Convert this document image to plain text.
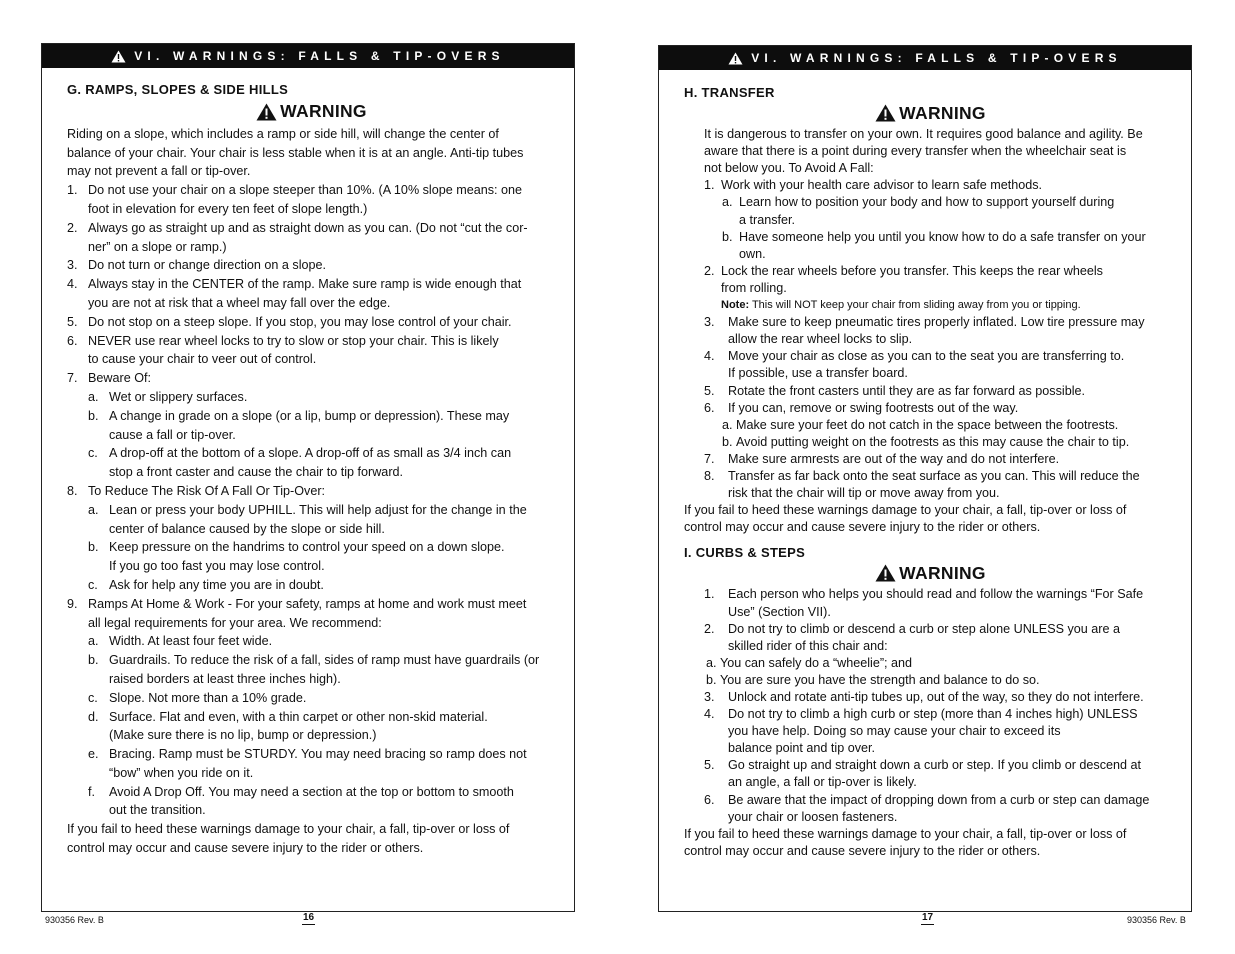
VI. WARNINGS: FALLS & TIP-OVERS

G. RAMPS, SLOPES & SIDE HILLS

WARNING
Riding on a slope, which includes a ramp or side hill, will change the center of
balance of your chair. Your chair is less stable when it is at an angle. Anti-tip tubes
may not prevent a fall or tip-over.
1. Do not use your chair on a slope steeper than 10%. (A 10% slope means: one
foot in elevation for every ten feet of slope length.)
2. Always go as straight up and as straight down as you can. (Do not “cut the cor-
ner” on a slope or ramp.)
3. Do not turn or change direction on a slope.
4. Always stay in the CENTER of the ramp. Make sure ramp is wide enough that
you are not at risk that a wheel may fall over the edge.
5. Do not stop on a steep slope. If you stop, you may lose control of your chair.
6. NEVER use rear wheel locks to try to slow or stop your chair. This is likely
to cause your chair to veer out of control.
7. Beware Of:
a. Wet or slippery surfaces.
b. A change in grade on a slope (or a lip, bump or depression). These may
cause a fall or tip-over.
c. A drop-off at the bottom of a slope. A drop-off of as small as 3/4 inch can
stop a front caster and cause the chair to tip forward.
8. To Reduce The Risk Of A Fall Or Tip-Over:
a. Lean or press your body UPHILL. This will help adjust for the change in the
center of balance caused by the slope or side hill.
b. Keep pressure on the handrims to control your speed on a down slope.
If you go too fast you may lose control.
c. Ask for help any time you are in doubt.
9. Ramps At Home & Work - For your safety, ramps at home and work must meet
all legal requirements for your area. We recommend:
a. Width. At least four feet wide.
b. Guardrails. To reduce the risk of a fall, sides of ramp must have guardrails (or
raised borders at least three inches high).
c. Slope. Not more than a 10% grade.
d. Surface. Flat and even, with a thin carpet or other non-skid material.
(Make sure there is no lip, bump or depression.)
e. Bracing. Ramp must be STURDY. You may need bracing so ramp does not
“bow” when you ride on it.
f.	Avoid A Drop Off. You may need a section at the top or bottom to smooth
out the transition.
If you fail to heed these warnings damage to your chair, a fall, tip-over or loss of
control may occur and cause severe injury to the rider or others.
930356 Rev. B	16
VI. WARNINGS: FALLS & TIP-OVERS

H. TRANSFER

WARNING
It is dangerous to transfer on your own. It requires good balance and agility. Be
aware that there is a point during every transfer when the wheelchair seat is
not below you. To Avoid A Fall:
1. Work with your health care advisor to learn safe methods.
a. Learn how to position your body and how to support yourself during
a transfer.
b. Have someone help you until you know how to do a safe transfer on your
own.
2. Lock the rear wheels before you transfer. This keeps the rear wheels
from rolling.
Note: This will NOT keep your chair from sliding away from you or tipping.
3.	Make sure to keep pneumatic tires properly inflated. Low tire pressure may
allow the rear wheel locks to slip.
4.	Move your chair as close as you can to the seat you are transferring to.
If possible, use a transfer board.
5.	Rotate the front casters until they are as far forward as possible.
6.	If you can, remove or swing footrests out of the way.
a. Make sure your feet do not catch in the space between the footrests.
b. Avoid putting weight on the footrests as this may cause the chair to tip.
7.	Make sure armrests are out of the way and do not interfere.
8.	Transfer as far back onto the seat surface as you can. This will reduce the
risk that the chair will tip or move away from you.
If you fail to heed these warnings damage to your chair, a fall, tip-over or loss of
control may occur and cause severe injury to the rider or others.

I. CURBS & STEPS

WARNING
1.	Each person who helps you should read and follow the warnings “For Safe
Use” (Section VII).
2.	Do not try to climb or descend a curb or step alone UNLESS you are a
skilled rider of this chair and:
a. You can safely do a “wheelie”; and
b. You are sure you have the strength and balance to do so.
3.	Unlock and rotate anti-tip tubes up, out of the way, so they do not interfere.
4.	Do not try to climb a high curb or step (more than 4 inches high) UNLESS
you have help. Doing so may cause your chair to exceed its
balance point and tip over.
5.	Go straight up and straight down a curb or step. If you climb or descend at
an angle, a fall or tip-over is likely.
6.	Be aware that the impact of dropping down from a curb or step can damage
your chair or loosen fasteners.
If you fail to heed these warnings damage to your chair, a fall, tip-over or loss of
control may occur and cause severe injury to the rider or others.
17	930356 Rev. B
